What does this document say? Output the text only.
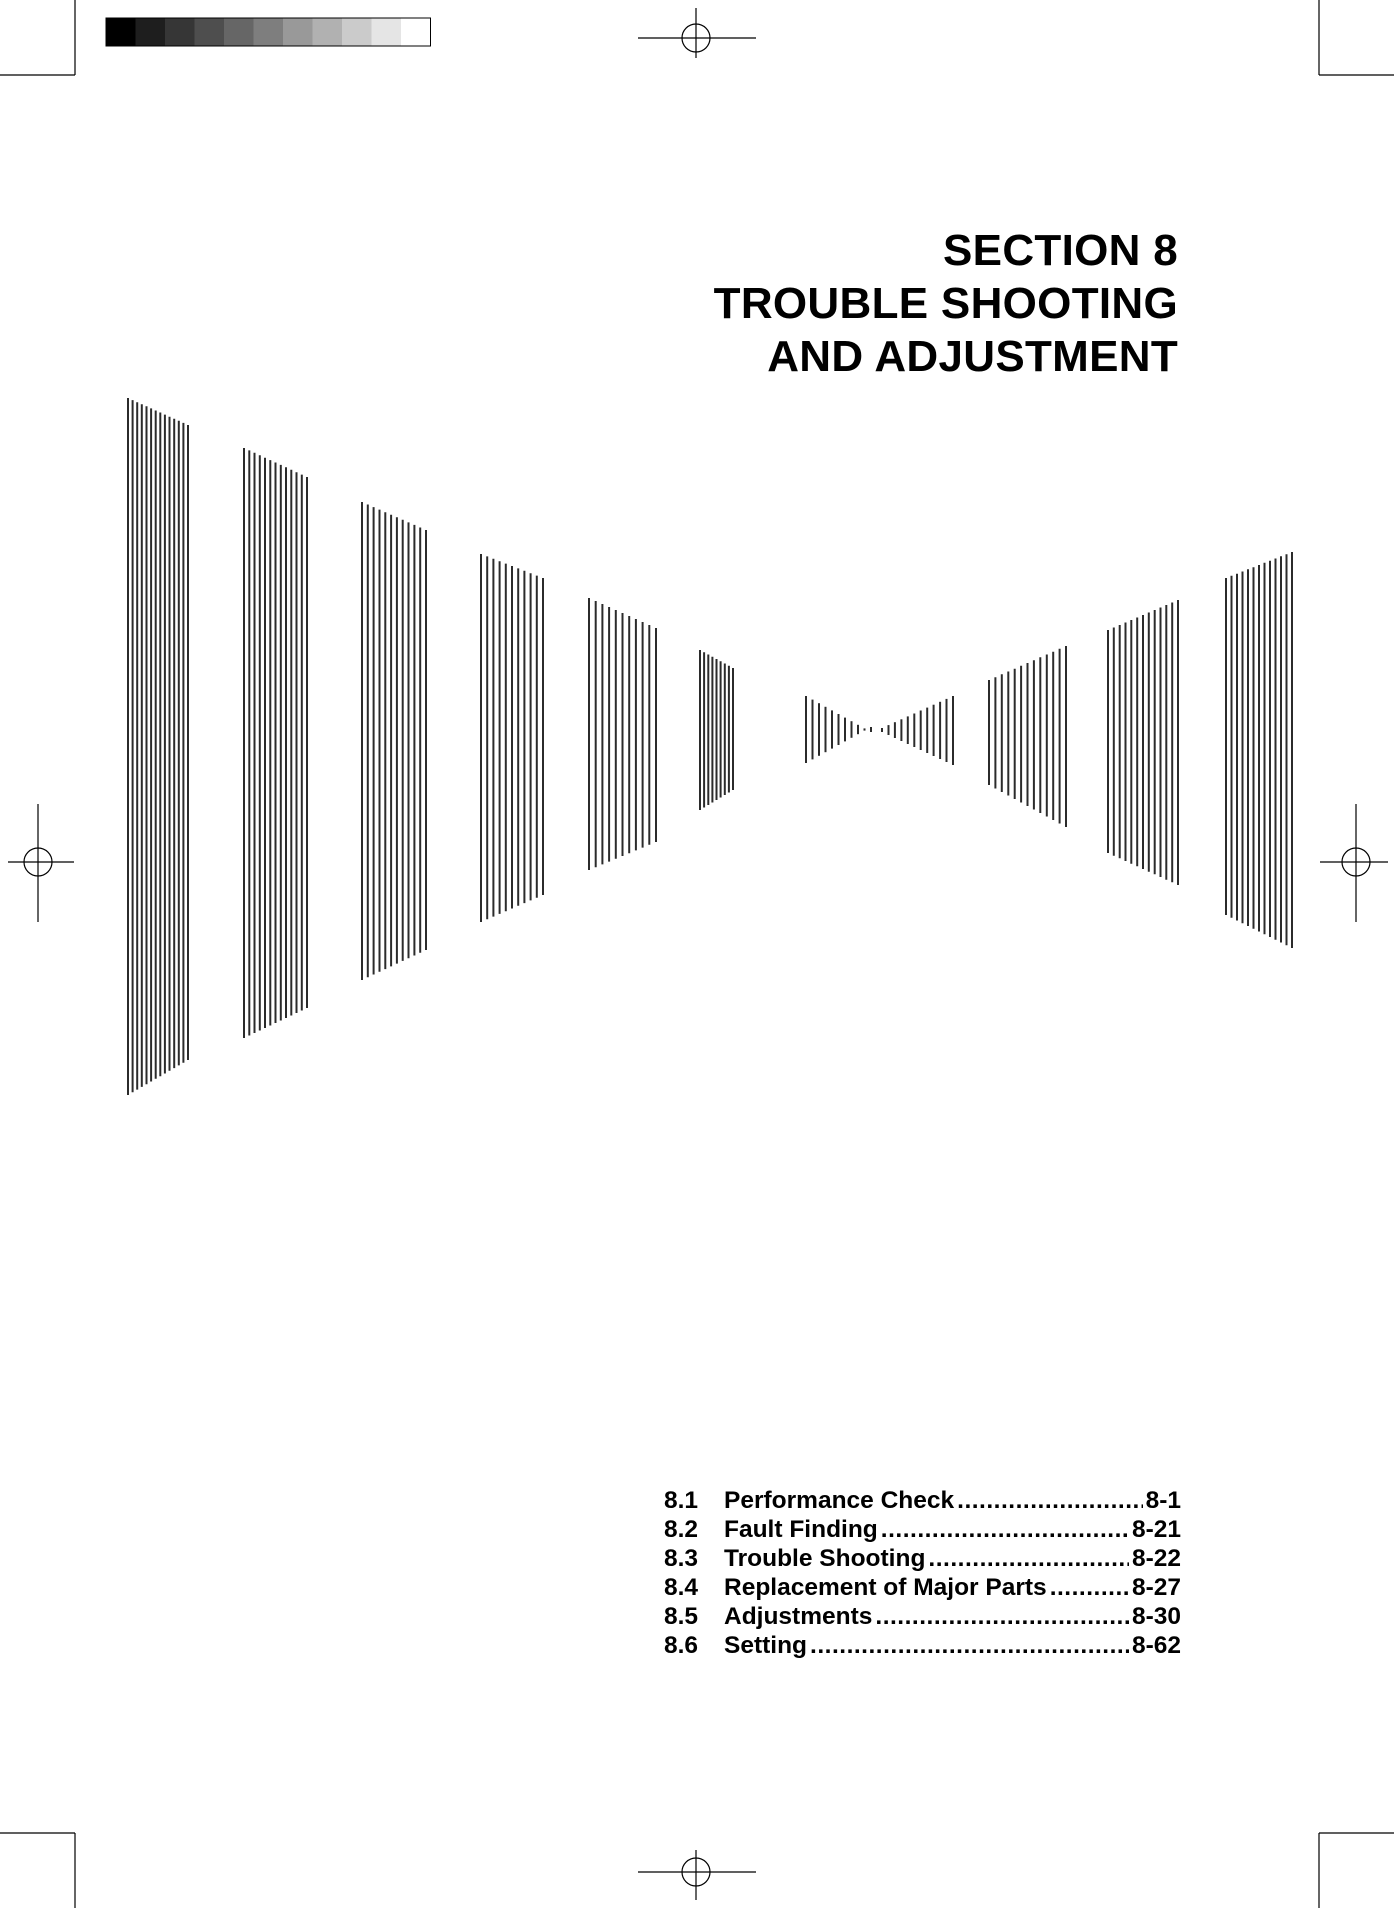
SECTION 8
TROUBLE SHOOTING
AND ADJUSTMENT
8.1	Performance Check .....	8-1
8.2	Fault Finding .....	8-21
8.3	Trouble Shooting .....	8-22
8.4	Replacement of Major Parts .....	8-27
8.5	Adjustments .....	8-30
8.6	Setting .....	8-62
